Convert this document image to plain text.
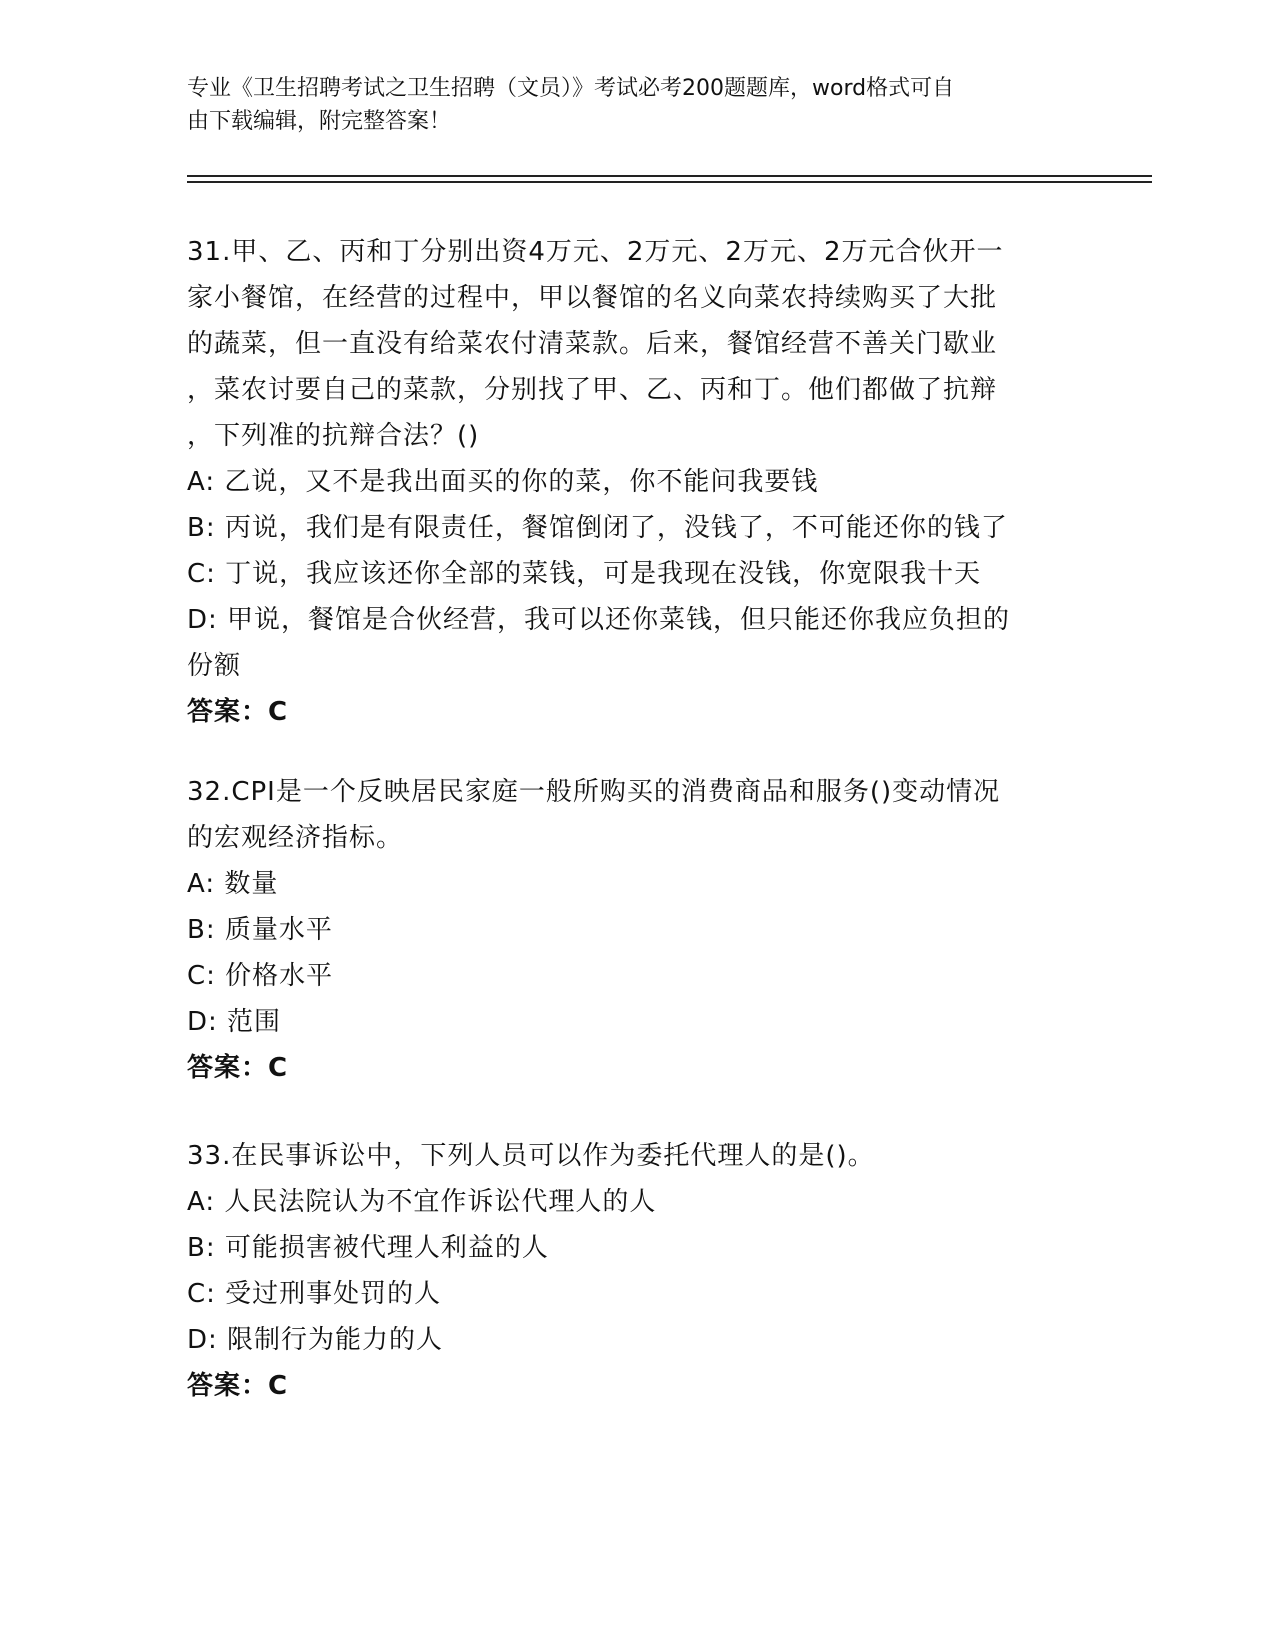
专业《卫生招聘考试之卫生招聘（文员）》考试必考200题题库，word格式可自
由下载编辑，附完整答案！
31.甲、乙、丙和丁分别出资4万元、2万元、2万元、2万元合伙开一
家小餐馆，在经营的过程中，甲以餐馆的名义向菜农持续购买了大批
的蔬菜，但一直没有给菜农付清菜款。后来，餐馆经营不善关门歇业
，菜农讨要自己的菜款，分别找了甲、乙、丙和丁。他们都做了抗辩
，下列准的抗辩合法？()
A: 乙说，又不是我出面买的你的菜，你不能问我要钱
B: 丙说，我们是有限责任，餐馆倒闭了，没钱了，不可能还你的钱了
C: 丁说，我应该还你全部的菜钱，可是我现在没钱，你宽限我十天
D: 甲说，餐馆是合伙经营，我可以还你菜钱，但只能还你我应负担的
份额
答案：C
32.CPI是一个反映居民家庭一般所购买的消费商品和服务()变动情况
的宏观经济指标。
A: 数量
B: 质量水平
C: 价格水平
D: 范围
答案：C
33.在民事诉讼中，下列人员可以作为委托代理人的是()。
A: 人民法院认为不宜作诉讼代理人的人
B: 可能损害被代理人利益的人
C: 受过刑事处罚的人
D: 限制行为能力的人
答案：C
